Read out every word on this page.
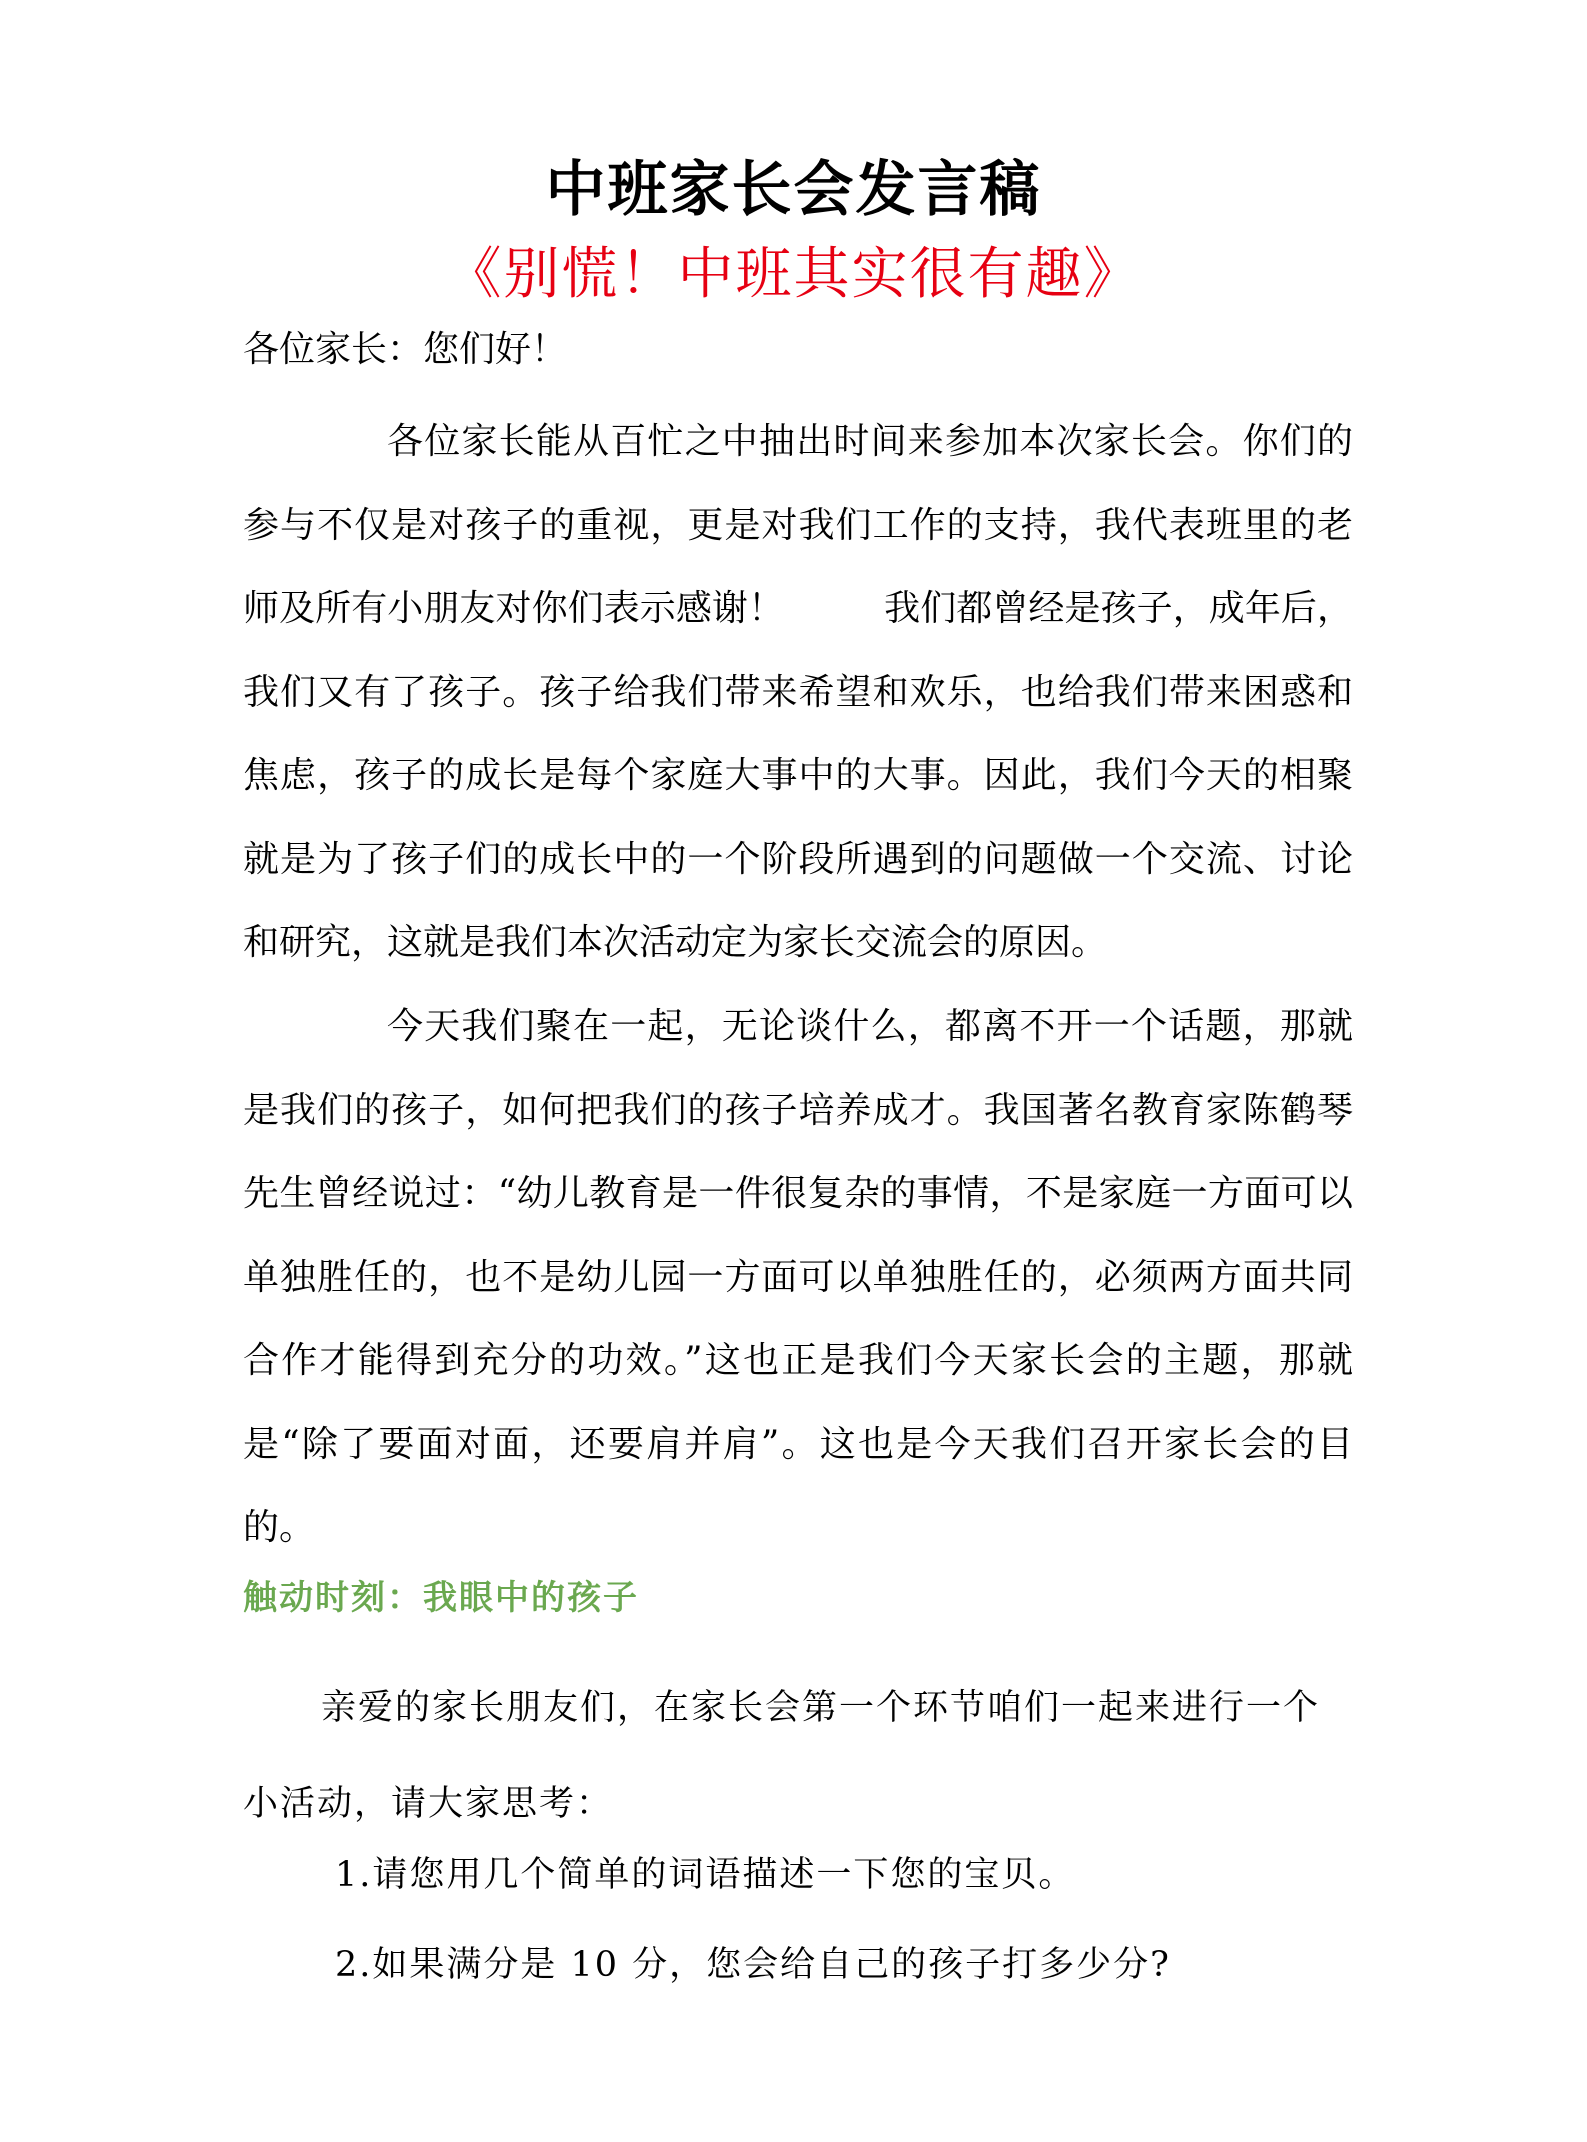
中班家长会发言稿
《别慌！中班其实很有趣》
各位家长：您们好！
各位家长能从百忙之中抽出时间来参加本次家长会。你们的参与不仅是对孩子的重视，更是对我们工作的支持，我代表班里的老师及所有小朋友对你们表示感谢！	我们都曾经是孩子，成年后，我们又有了孩子。孩子给我们带来希望和欢乐，也给我们带来困惑和焦虑，孩子的成长是每个家庭大事中的大事。因此，我们今天的相聚就是为了孩子们的成长中的一个阶段所遇到的问题做一个交流、讨论和研究，这就是我们本次活动定为家长交流会的原因。
今天我们聚在一起，无论谈什么，都离不开一个话题，那就是我们的孩子，如何把我们的孩子培养成才。我国著名教育家陈鹤琴先生曾经说过：“幼儿教育是一件很复杂的事情，不是家庭一方面可以单独胜任的，也不是幼儿园一方面可以单独胜任的，必须两方面共同合作才能得到充分的功效。”这也正是我们今天家长会的主题，那就是“除了要面对面，还要肩并肩”。这也是今天我们召开家长会的目的。
触动时刻：我眼中的孩子
亲爱的家长朋友们，在家长会第一个环节咱们一起来进行一个小活动，请大家思考：
1.请您用几个简单的词语描述一下您的宝贝。
2.如果满分是 10 分，您会给自己的孩子打多少分?
